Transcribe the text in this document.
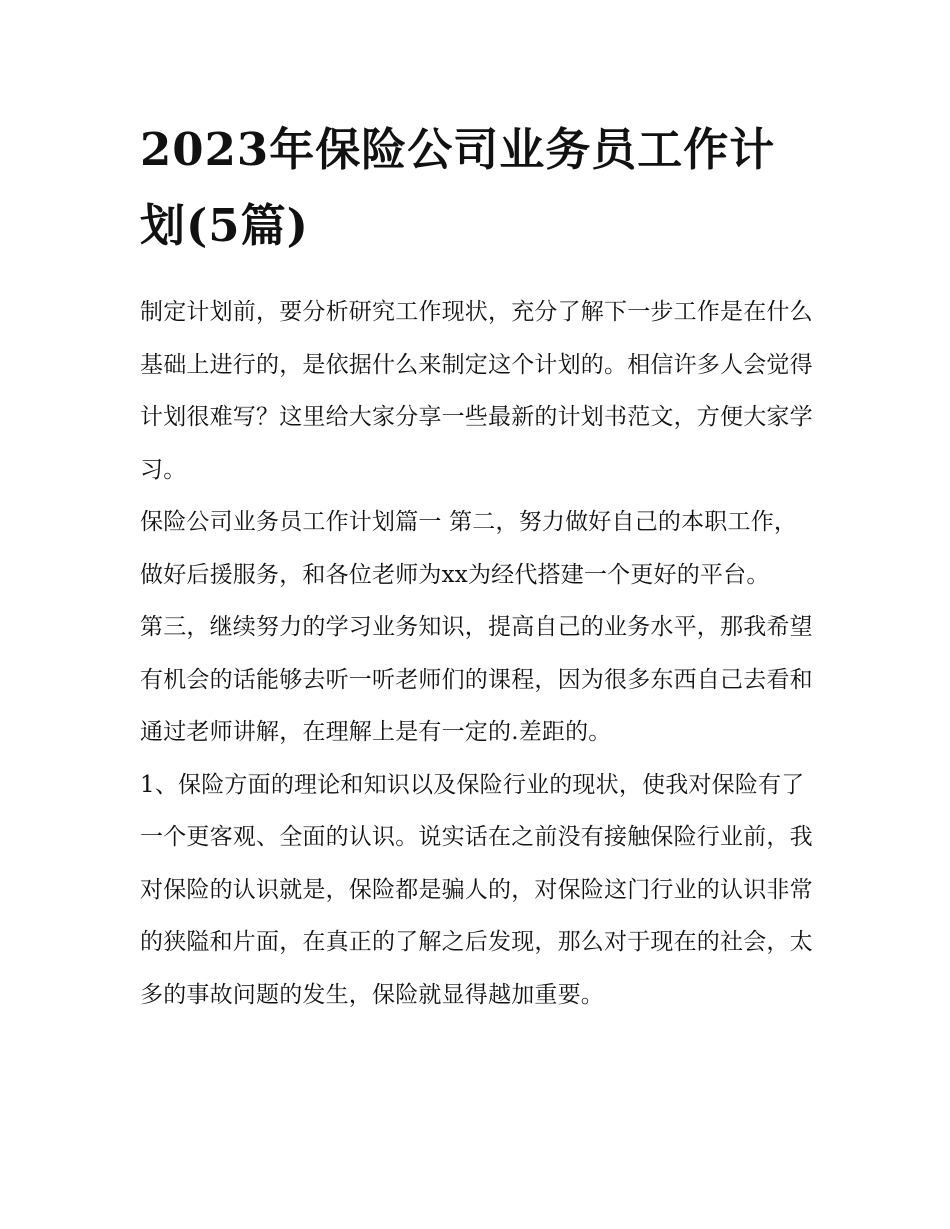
2023年保险公司业务员工作计划(5篇)

制定计划前，要分析研究工作现状，充分了解下一步工作是在什么基础上进行的，是依据什么来制定这个计划的。相信许多人会觉得计划很难写？这里给大家分享一些最新的计划书范文，方便大家学习。

保险公司业务员工作计划篇一 第二，努力做好自己的本职工作，做好后援服务，和各位老师为xx为经代搭建一个更好的平台。

第三，继续努力的学习业务知识，提高自己的业务水平，那我希望有机会的话能够去听一听老师们的课程，因为很多东西自己去看和通过老师讲解，在理解上是有一定的.差距的。

1、保险方面的理论和知识以及保险行业的现状，使我对保险有了一个更客观、全面的认识。说实话在之前没有接触保险行业前，我对保险的认识就是，保险都是骗人的，对保险这门行业的认识非常的狭隘和片面，在真正的了解之后发现，那么对于现在的社会，太多的事故问题的发生，保险就显得越加重要。
